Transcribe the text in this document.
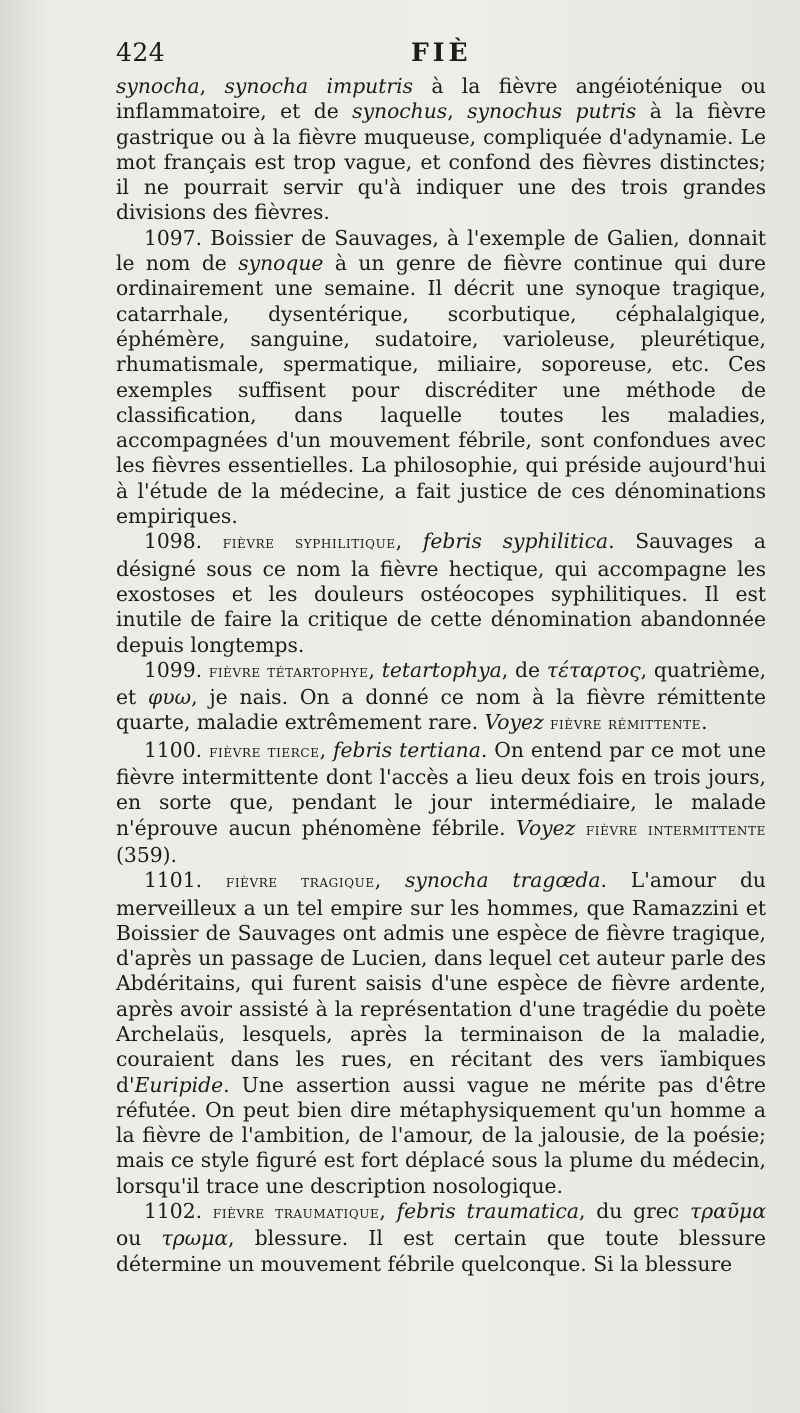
424	FIÈ

synocha, synocha imputris à la fièvre angéioténique ou inflammatoire, et de synochus, synochus putris à la fièvre gastrique ou à la fièvre muqueuse, compliquée d'adynamie. Le mot français est trop vague, et confond des fièvres distinctes; il ne pourrait servir qu'à indiquer une des trois grandes divisions des fièvres.

1097. Boissier de Sauvages, à l'exemple de Galien, donnait le nom de synoque à un genre de fièvre continue qui dure ordinairement une semaine. Il décrit une synoque tragique, catarrhale, dysentérique, scorbutique, céphalalgique, éphémère, sanguine, sudatoire, varioleuse, pleurétique, rhumatismale, spermatique, miliaire, soporeuse, etc. Ces exemples suffisent pour discréditer une méthode de classification, dans laquelle toutes les maladies, accompagnées d'un mouvement fébrile, sont confondues avec les fièvres essentielles. La philosophie, qui préside aujourd'hui à l'étude de la médecine, a fait justice de ces dénominations empiriques.

1098. fièvre syphilitique, febris syphilitica. Sauvages a désigné sous ce nom la fièvre hectique, qui accompagne les exostoses et les douleurs ostéocopes syphilitiques. Il est inutile de faire la critique de cette dénomination abandonnée depuis longtemps.

1099. fièvre tétartophye, tetartophya, de τέταρτος, quatrième, et φυω, je nais. On a donné ce nom à la fièvre rémittente quarte, maladie extrêmement rare. Voyez fièvre rémittente.

1100. fièvre tierce, febris tertiana. On entend par ce mot une fièvre intermittente dont l'accès a lieu deux fois en trois jours, en sorte que, pendant le jour intermédiaire, le malade n'éprouve aucun phénomène fébrile. Voyez fièvre intermittente (359).

1101. fièvre tragique, synocha tragœda. L'amour du merveilleux a un tel empire sur les hommes, que Ramazzini et Boissier de Sauvages ont admis une espèce de fièvre tragique, d'après un passage de Lucien, dans lequel cet auteur parle des Abdéritains, qui furent saisis d'une espèce de fièvre ardente, après avoir assisté à la représentation d'une tragédie du poète Archelaüs, lesquels, après la terminaison de la maladie, couraient dans les rues, en récitant des vers ïambiques d'Euripide. Une assertion aussi vague ne mérite pas d'être réfutée. On peut bien dire métaphysiquement qu'un homme a la fièvre de l'ambition, de l'amour, de la jalousie, de la poésie; mais ce style figuré est fort déplacé sous la plume du médecin, lorsqu'il trace une description nosologique.

1102. fièvre traumatique, febris traumatica, du grec τραῦμα ou τρωμα, blessure. Il est certain que toute blessure détermine un mouvement fébrile quelconque. Si la blessure
